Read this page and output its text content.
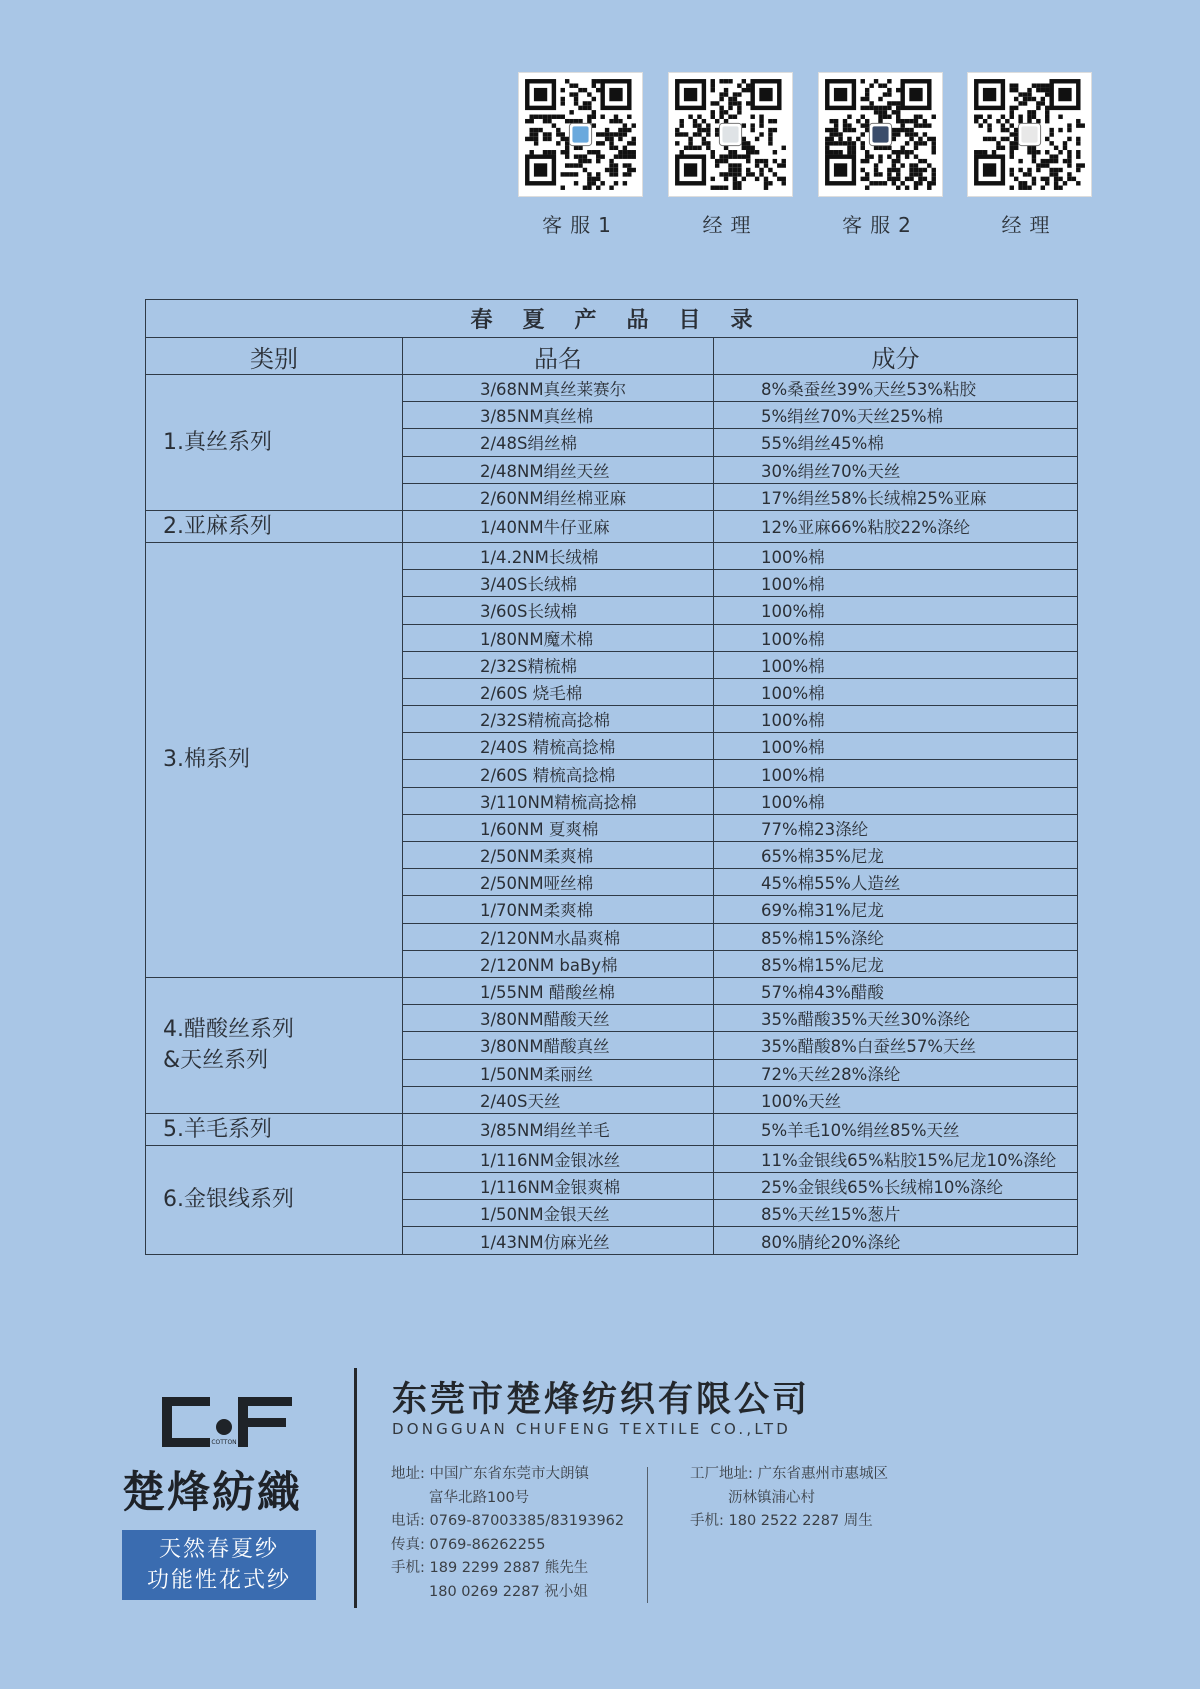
客服1	经理	客服2	经理
春夏产品目录		
类别	品名	成分
1.真丝系列	3/68NM真丝莱赛尔	8%桑蚕丝39%天丝53%粘胶
	3/85NM真丝棉	5%绢丝70%天丝25%棉
	2/48S绢丝棉	55%绢丝45%棉
	2/48NM绢丝天丝	30%绢丝70%天丝
	2/60NM绢丝棉亚麻	17%绢丝58%长绒棉25%亚麻
2.亚麻系列	1/40NM牛仔亚麻	12%亚麻66%粘胶22%涤纶
3.棉系列	1/4.2NM长绒棉	100%棉
	3/40S长绒棉	100%棉
	3/60S长绒棉	100%棉
	1/80NM魔术棉	100%棉
	2/32S精梳棉	100%棉
	2/60S 烧毛棉	100%棉
	2/32S精梳高捻棉	100%棉
	2/40S 精梳高捻棉	100%棉
	2/60S 精梳高捻棉	100%棉
	3/110NM精梳高捻棉	100%棉
	1/60NM 夏爽棉	77%棉23涤纶
	2/50NM柔爽棉	65%棉35%尼龙
	2/50NM哑丝棉	45%棉55%人造丝
	1/70NM柔爽棉	69%棉31%尼龙
	2/120NM水晶爽棉	85%棉15%涤纶
	2/120NM baBy棉	85%棉15%尼龙
4.醋酸丝系列
&天丝系列	1/55NM 醋酸丝棉	57%棉43%醋酸
	3/80NM醋酸天丝	35%醋酸35%天丝30%涤纶
	3/80NM醋酸真丝	35%醋酸8%白蚕丝57%天丝
	1/50NM柔丽丝	72%天丝28%涤纶
	2/40S天丝	100%天丝
5.羊毛系列	3/85NM绢丝羊毛	5%羊毛10%绢丝85%天丝
6.金银线系列	1/116NM金银冰丝	11%金银线65%粘胶15%尼龙10%涤纶
	1/116NM金银爽棉	25%金银线65%长绒棉10%涤纶
	1/50NM金银天丝	85%天丝15%葱片
	1/43NM仿麻光丝	80%腈纶20%涤纶
COTTON
楚烽紡織
天然春夏纱
功能性花式纱
东莞市楚烽纺织有限公司
DONGGUAN CHUFENG TEXTILE CO.,LTD
地址: 中国广东省东莞市大朗镇
富华北路100号
电话: 0769-87003385/83193962
传真: 0769-86262255
手机: 189 2299 2887 熊先生
180 0269 2287 祝小姐
工厂地址: 广东省惠州市惠城区
沥林镇浦心村
手机: 180 2522 2287 周生
